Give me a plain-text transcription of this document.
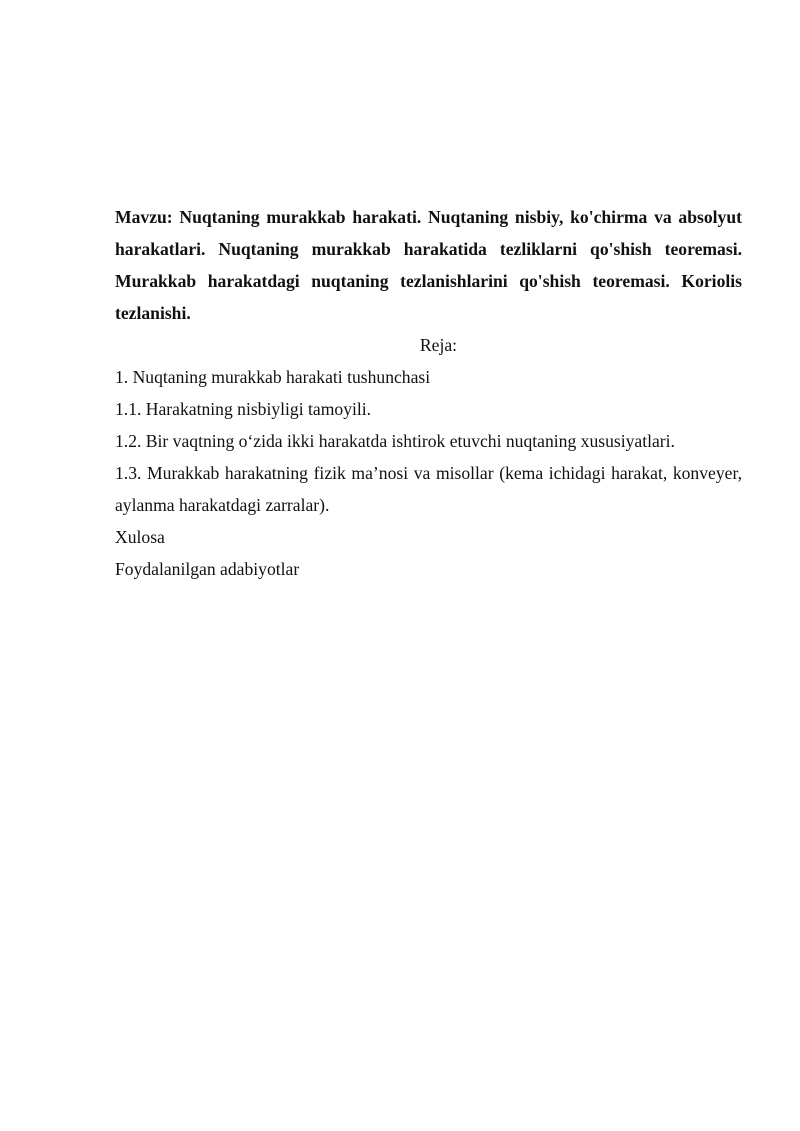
Mavzu: Nuqtaning murakkab harakati. Nuqtaning nisbiy, ko'chirma va absolyut harakatlari. Nuqtaning murakkab harakatida tezliklarni qo'shish teoremasi. Murakkab harakatdagi nuqtaning tezlanishlarini qo'shish teoremasi. Koriolis tezlanishi.

Reja:

1. Nuqtaning murakkab harakati tushunchasi

1.1. Harakatning nisbiyligi tamoyili.

1.2. Bir vaqtning o‘zida ikki harakatda ishtirok etuvchi nuqtaning xususiyatlari.

1.3. Murakkab harakatning fizik ma’nosi va misollar (kema ichidagi harakat, konveyer, aylanma harakatdagi zarralar).

Xulosa

Foydalanilgan adabiyotlar
